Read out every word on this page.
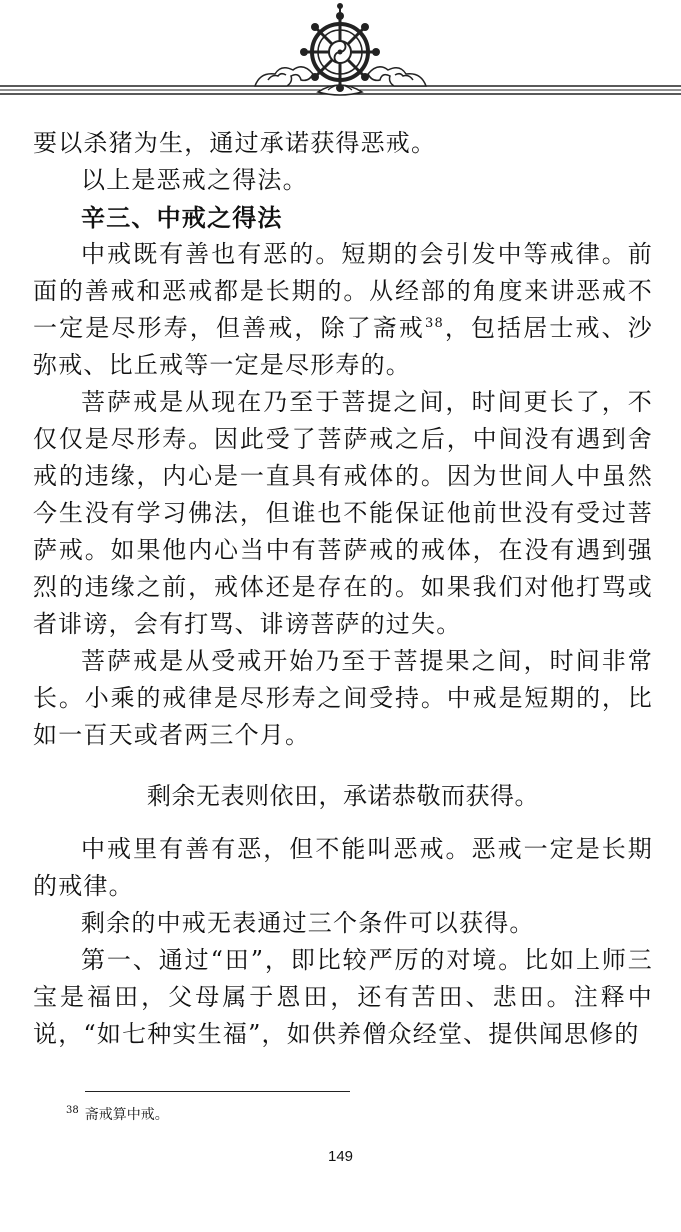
要以杀猪为生，通过承诺获得恶戒。

以上是恶戒之得法。

辛三、中戒之得法

中戒既有善也有恶的。短期的会引发中等戒律。前面的善戒和恶戒都是长期的。从经部的角度来讲恶戒不一定是尽形寿，但善戒，除了斋戒$^{38}$，包括居士戒、沙弥戒、比丘戒等一定是尽形寿的。

菩萨戒是从现在乃至于菩提之间，时间更长了，不仅仅是尽形寿。因此受了菩萨戒之后，中间没有遇到舍戒的违缘，内心是一直具有戒体的。因为世间人中虽然今生没有学习佛法，但谁也不能保证他前世没有受过菩萨戒。如果他内心当中有菩萨戒的戒体，在没有遇到强烈的违缘之前，戒体还是存在的。如果我们对他打骂或者诽谤，会有打骂、诽谤菩萨的过失。

菩萨戒是从受戒开始乃至于菩提果之间，时间非常长。小乘的戒律是尽形寿之间受持。中戒是短期的，比如一百天或者两三个月。

剩余无表则依田，承诺恭敬而获得。

中戒里有善有恶，但不能叫恶戒。恶戒一定是长期的戒律。

剩余的中戒无表通过三个条件可以获得。

第一、通过“田”，即比较严厉的对境。比如上师三宝是福田，父母属于恩田，还有苦田、悲田。注释中说，“如七种实生福”，如供养僧众经堂、提供闻思修的

$^{38}$ 斋戒算中戒。
149
